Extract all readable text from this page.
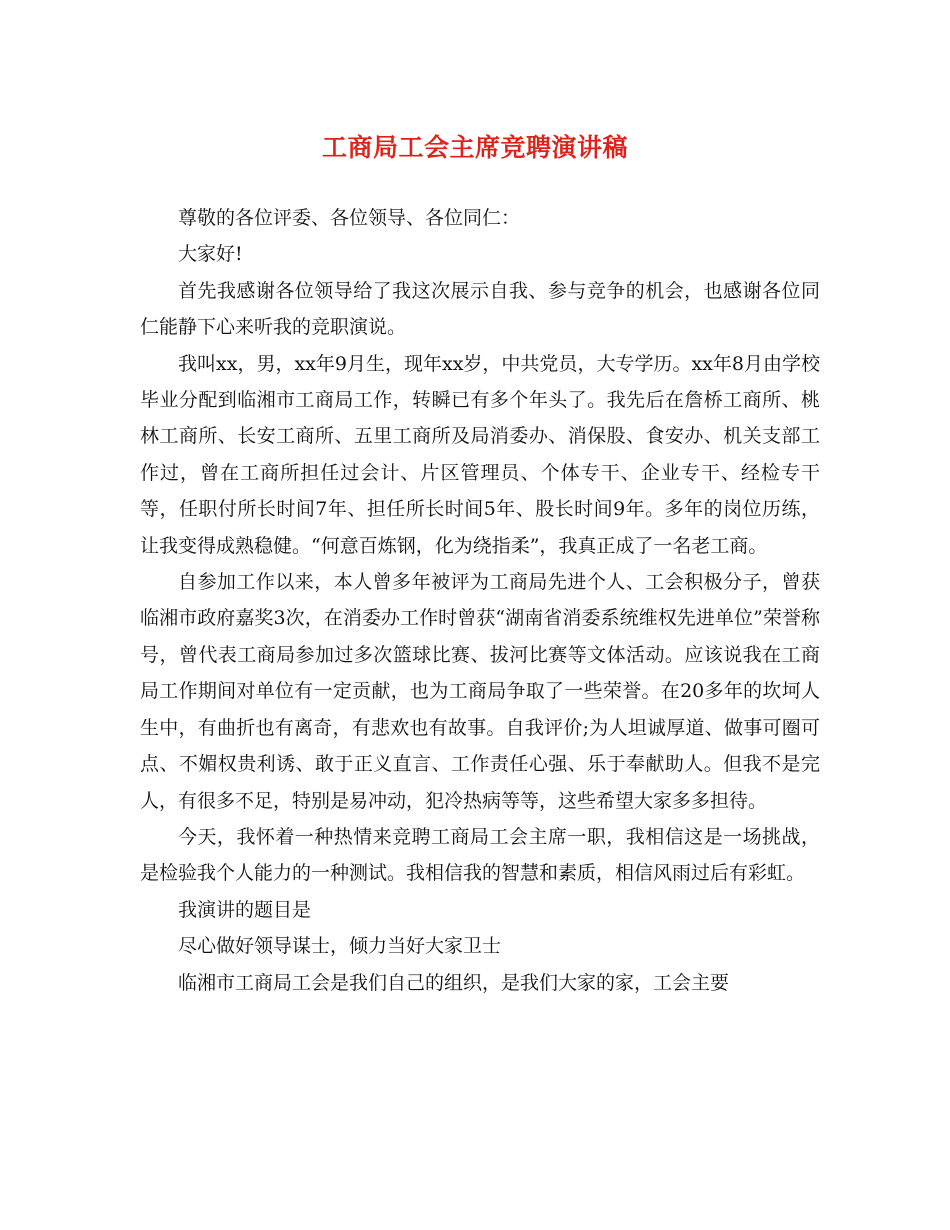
工商局工会主席竞聘演讲稿

尊敬的各位评委、各位领导、各位同仁：

大家好!

首先我感谢各位领导给了我这次展示自我、参与竞争的机会，也感谢各位同仁能静下心来听我的竞职演说。

我叫xx，男，xx年9月生，现年xx岁，中共党员，大专学历。xx年8月由学校毕业分配到临湘市工商局工作，转瞬已有多个年头了。我先后在詹桥工商所、桃林工商所、长安工商所、五里工商所及局消委办、消保股、食安办、机关支部工作过，曾在工商所担任过会计、片区管理员、个体专干、企业专干、经检专干等，任职付所长时间7年、担任所长时间5年、股长时间9年。多年的岗位历练，让我变得成熟稳健。“何意百炼钢，化为绕指柔”，我真正成了一名老工商。

自参加工作以来，本人曾多年被评为工商局先进个人、工会积极分子，曾获临湘市政府嘉奖3次，在消委办工作时曾获“湖南省消委系统维权先进单位”荣誉称号，曾代表工商局参加过多次篮球比赛、拔河比赛等文体活动。应该说我在工商局工作期间对单位有一定贡献，也为工商局争取了一些荣誉。在20多年的坎坷人生中，有曲折也有离奇，有悲欢也有故事。自我评价;为人坦诚厚道、做事可圈可点、不媚权贵利诱、敢于正义直言、工作责任心强、乐于奉献助人。但我不是完人，有很多不足，特别是易冲动，犯冷热病等等，这些希望大家多多担待。

今天，我怀着一种热情来竞聘工商局工会主席一职，我相信这是一场挑战，是检验我个人能力的一种测试。我相信我的智慧和素质，相信风雨过后有彩虹。

我演讲的题目是

尽心做好领导谋士，倾力当好大家卫士

临湘市工商局工会是我们自己的组织，是我们大家的家，工会主要
